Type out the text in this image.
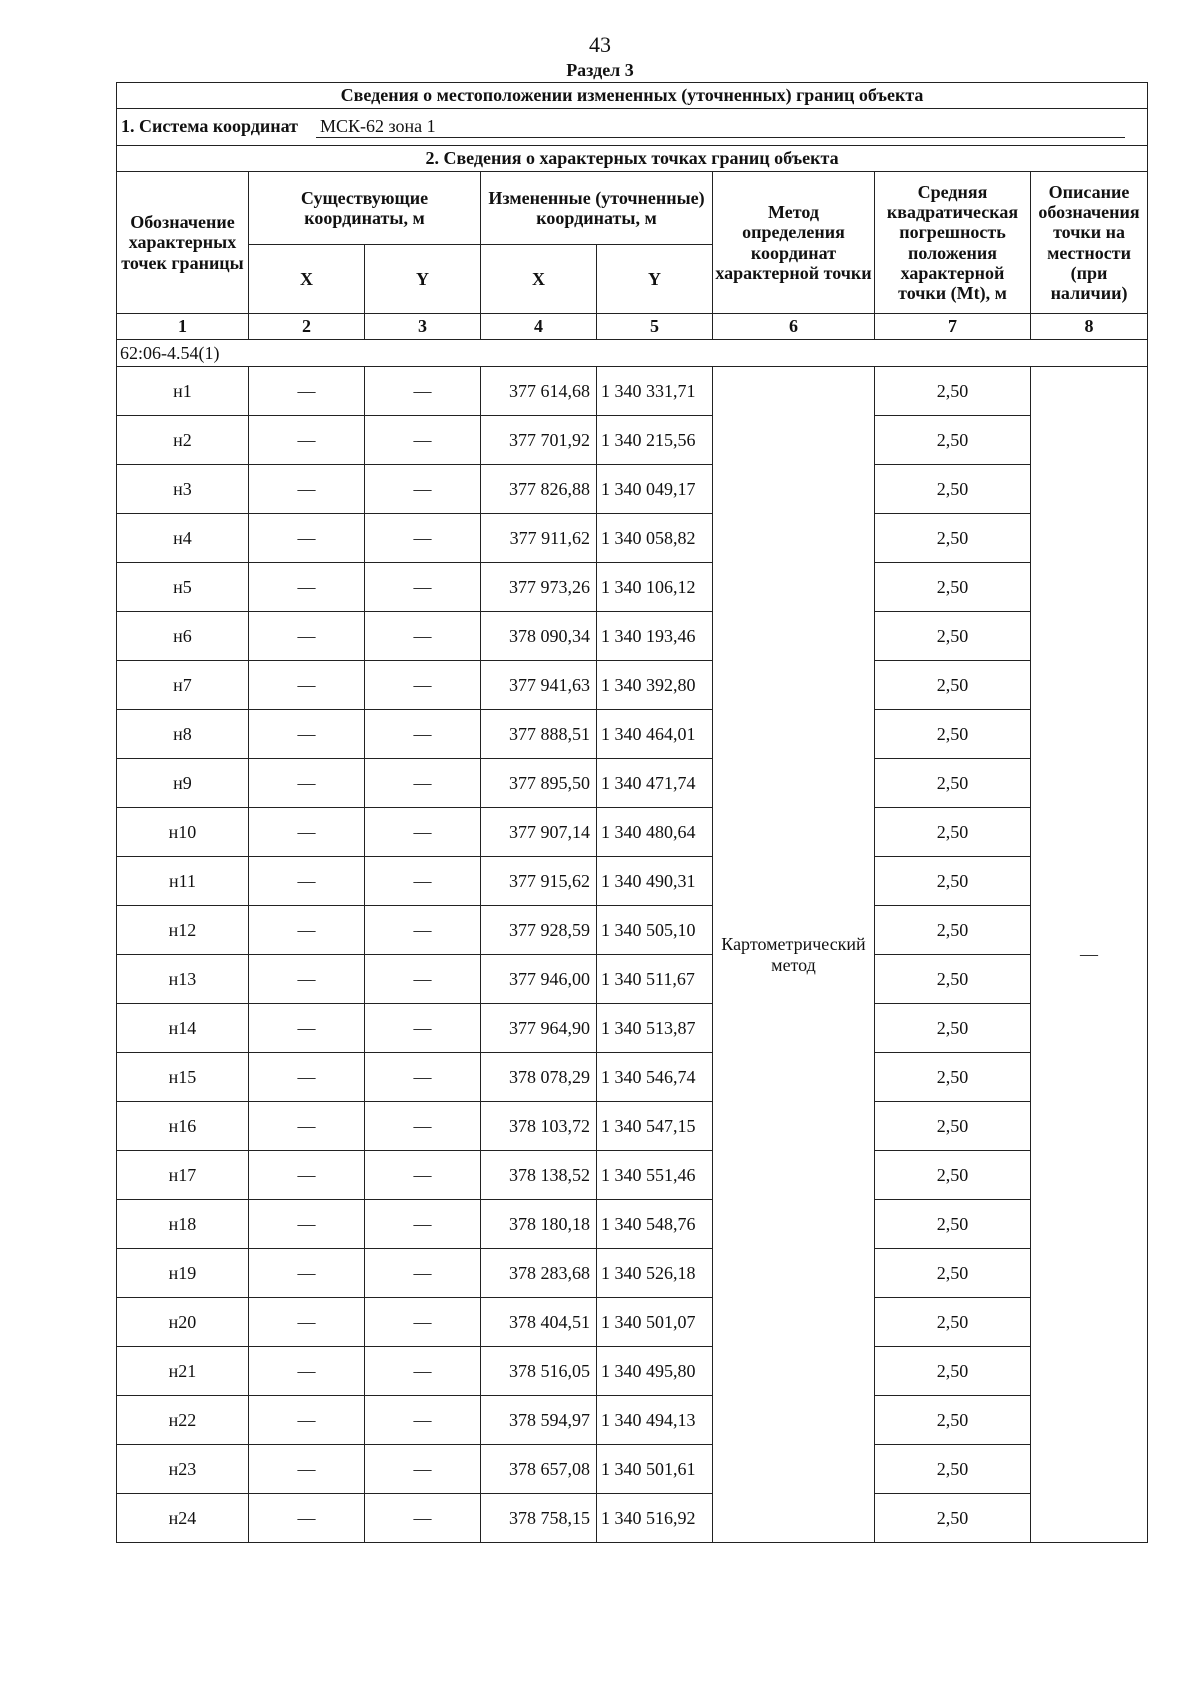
43
Раздел 3
Сведения о местоположении измененных (уточненных) границ объекта							
1. Система координат МСК-62 зона 1							
2. Сведения о характерных точках границ объекта							
Обозначение характерных точек границы	Существующие координаты, м		Измененные (уточненные) координаты, м		Метод определения координат характерной точки	Средняя квадратическая погрешность положения характерной точки (Mt), м	Описание обозначения точки на местности (при наличии)
	X	Y	X	Y			
1	2	3	4	5	6	7	8
62:06-4.54(1)							
н1	—	—	377 614,68	1 340 331,71	Картометрический метод	2,50	—
н2	—	—	377 701,92	1 340 215,56		2,50	
н3	—	—	377 826,88	1 340 049,17		2,50	
н4	—	—	377 911,62	1 340 058,82		2,50	
н5	—	—	377 973,26	1 340 106,12		2,50	
н6	—	—	378 090,34	1 340 193,46		2,50	
н7	—	—	377 941,63	1 340 392,80		2,50	
н8	—	—	377 888,51	1 340 464,01		2,50	
н9	—	—	377 895,50	1 340 471,74		2,50	
н10	—	—	377 907,14	1 340 480,64		2,50	
н11	—	—	377 915,62	1 340 490,31		2,50	
н12	—	—	377 928,59	1 340 505,10		2,50	
н13	—	—	377 946,00	1 340 511,67		2,50	
н14	—	—	377 964,90	1 340 513,87		2,50	
н15	—	—	378 078,29	1 340 546,74		2,50	
н16	—	—	378 103,72	1 340 547,15		2,50	
н17	—	—	378 138,52	1 340 551,46		2,50	
н18	—	—	378 180,18	1 340 548,76		2,50	
н19	—	—	378 283,68	1 340 526,18		2,50	
н20	—	—	378 404,51	1 340 501,07		2,50	
н21	—	—	378 516,05	1 340 495,80		2,50	
н22	—	—	378 594,97	1 340 494,13		2,50	
н23	—	—	378 657,08	1 340 501,61		2,50	
н24	—	—	378 758,15	1 340 516,92		2,50	
